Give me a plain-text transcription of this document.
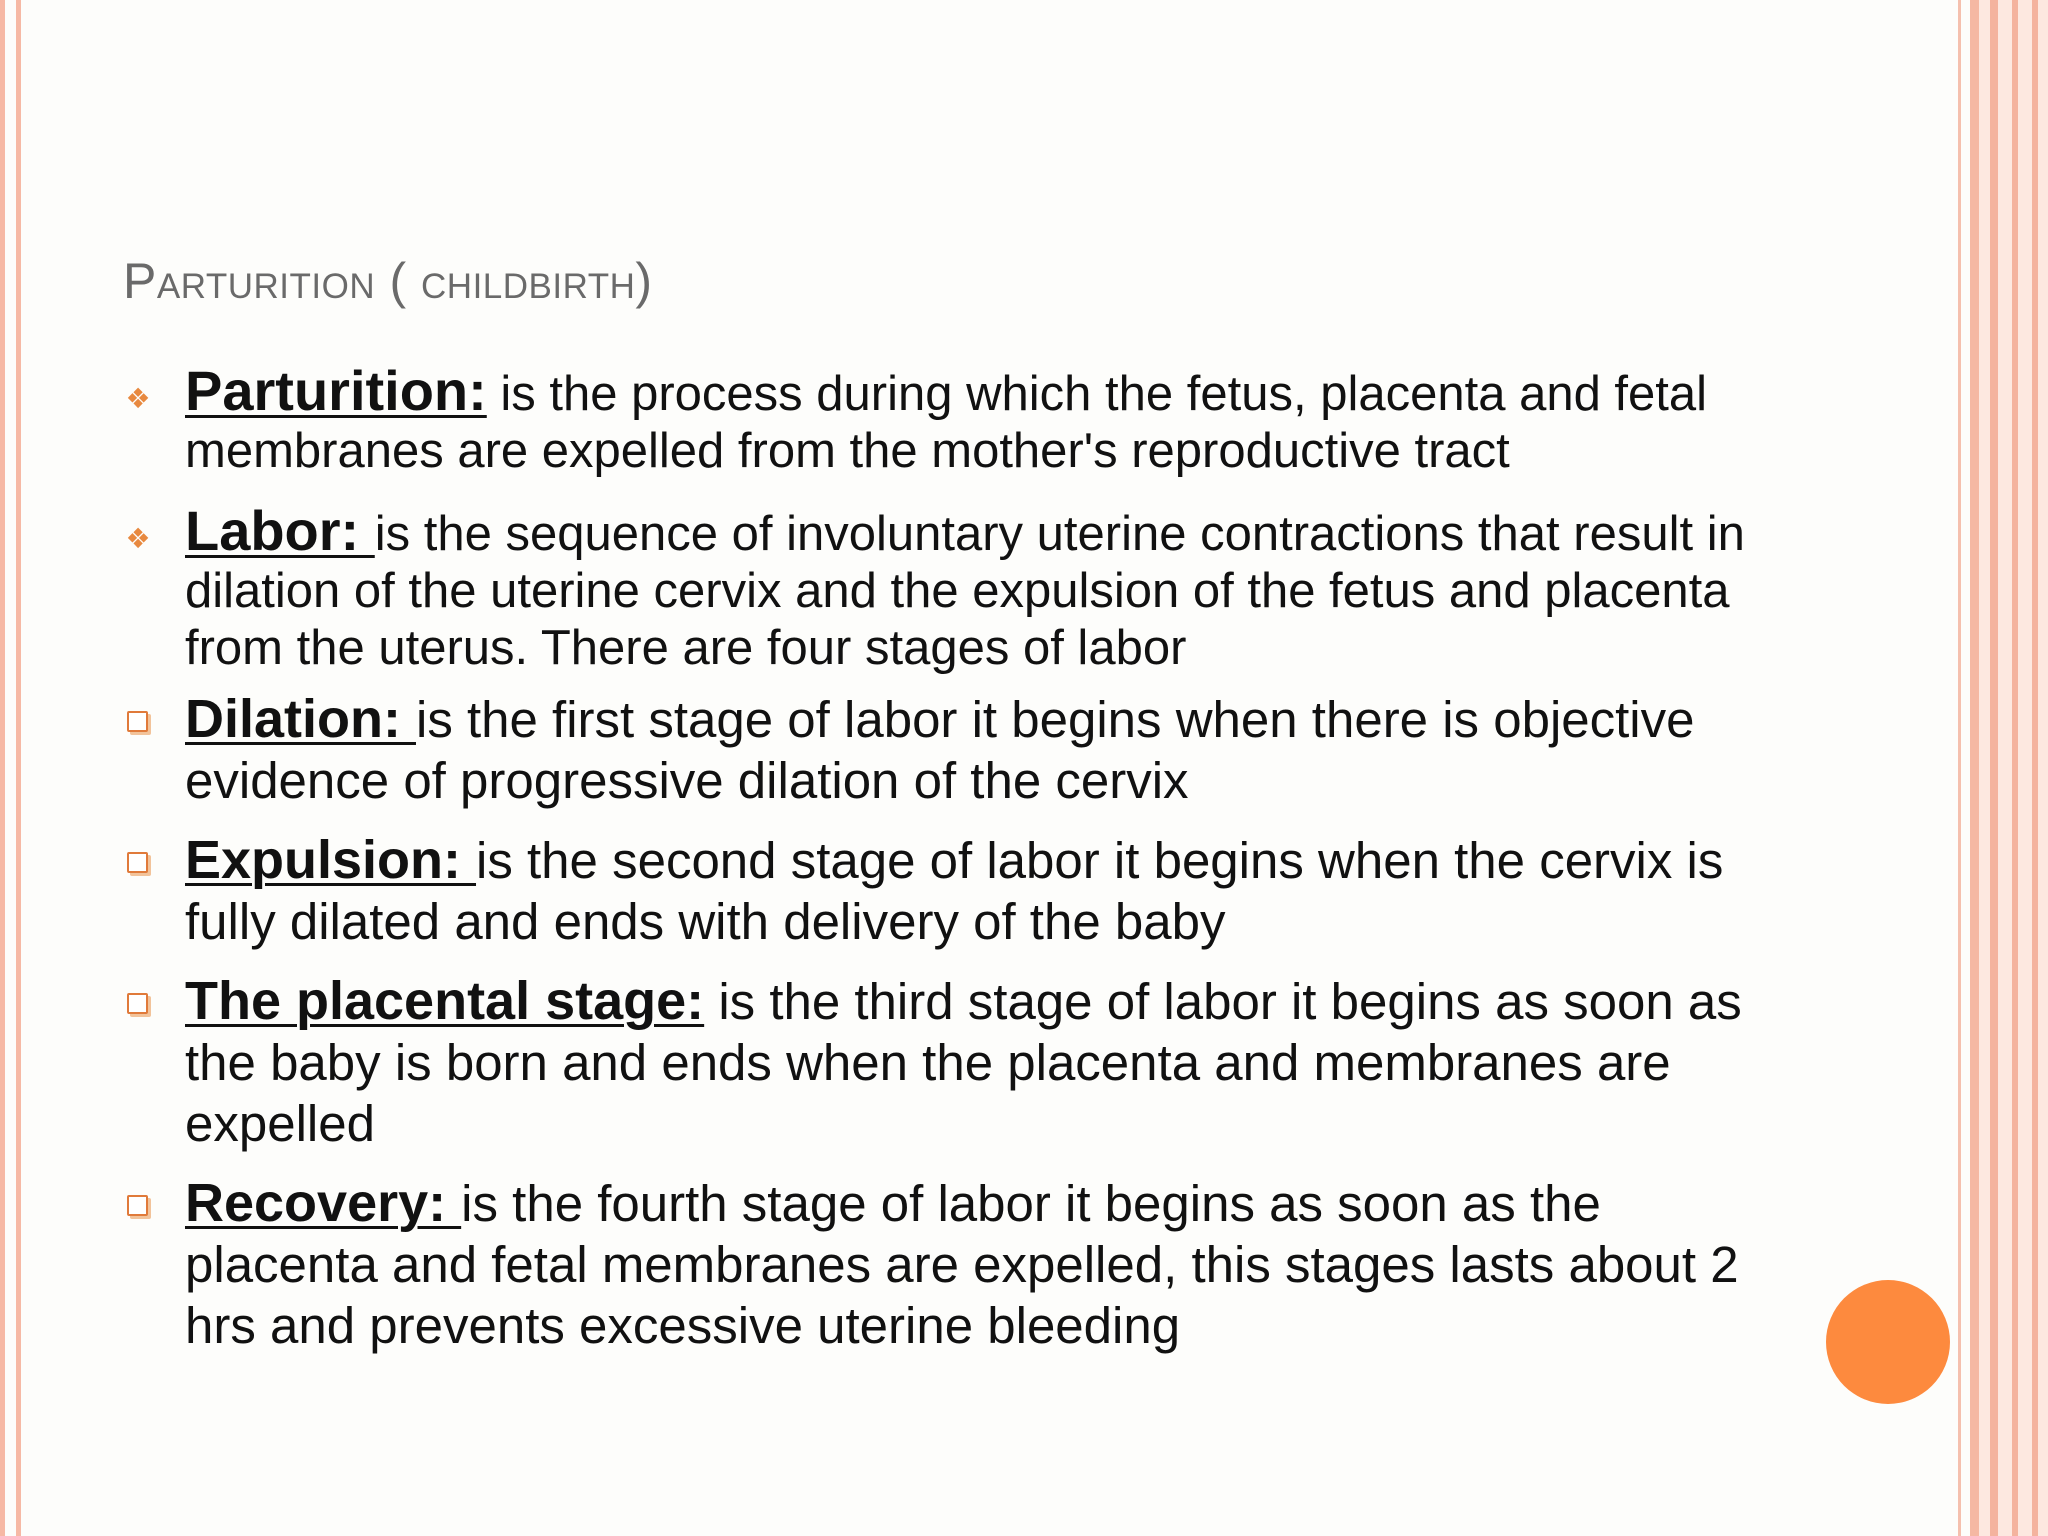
Parturition ( childbirth)
❖ Parturition: is the process during which the fetus, placenta and fetal membranes are expelled from the mother's reproductive tract
❖ Labor: is the sequence of involuntary uterine contractions that result in dilation of the uterine cervix and the expulsion of the fetus and placenta from the uterus. There are four stages of labor
Dilation: is the first stage of labor it begins when there is objective evidence of progressive dilation of the cervix
Expulsion: is the second stage of labor it begins when the cervix is fully dilated and ends with delivery of the baby
The placental stage: is the third stage of labor it begins as soon as the baby is born and ends when the placenta and membranes are expelled
Recovery: is the fourth stage of labor it begins as soon as the placenta and fetal membranes are expelled, this stages lasts about 2 hrs and prevents excessive uterine bleeding
